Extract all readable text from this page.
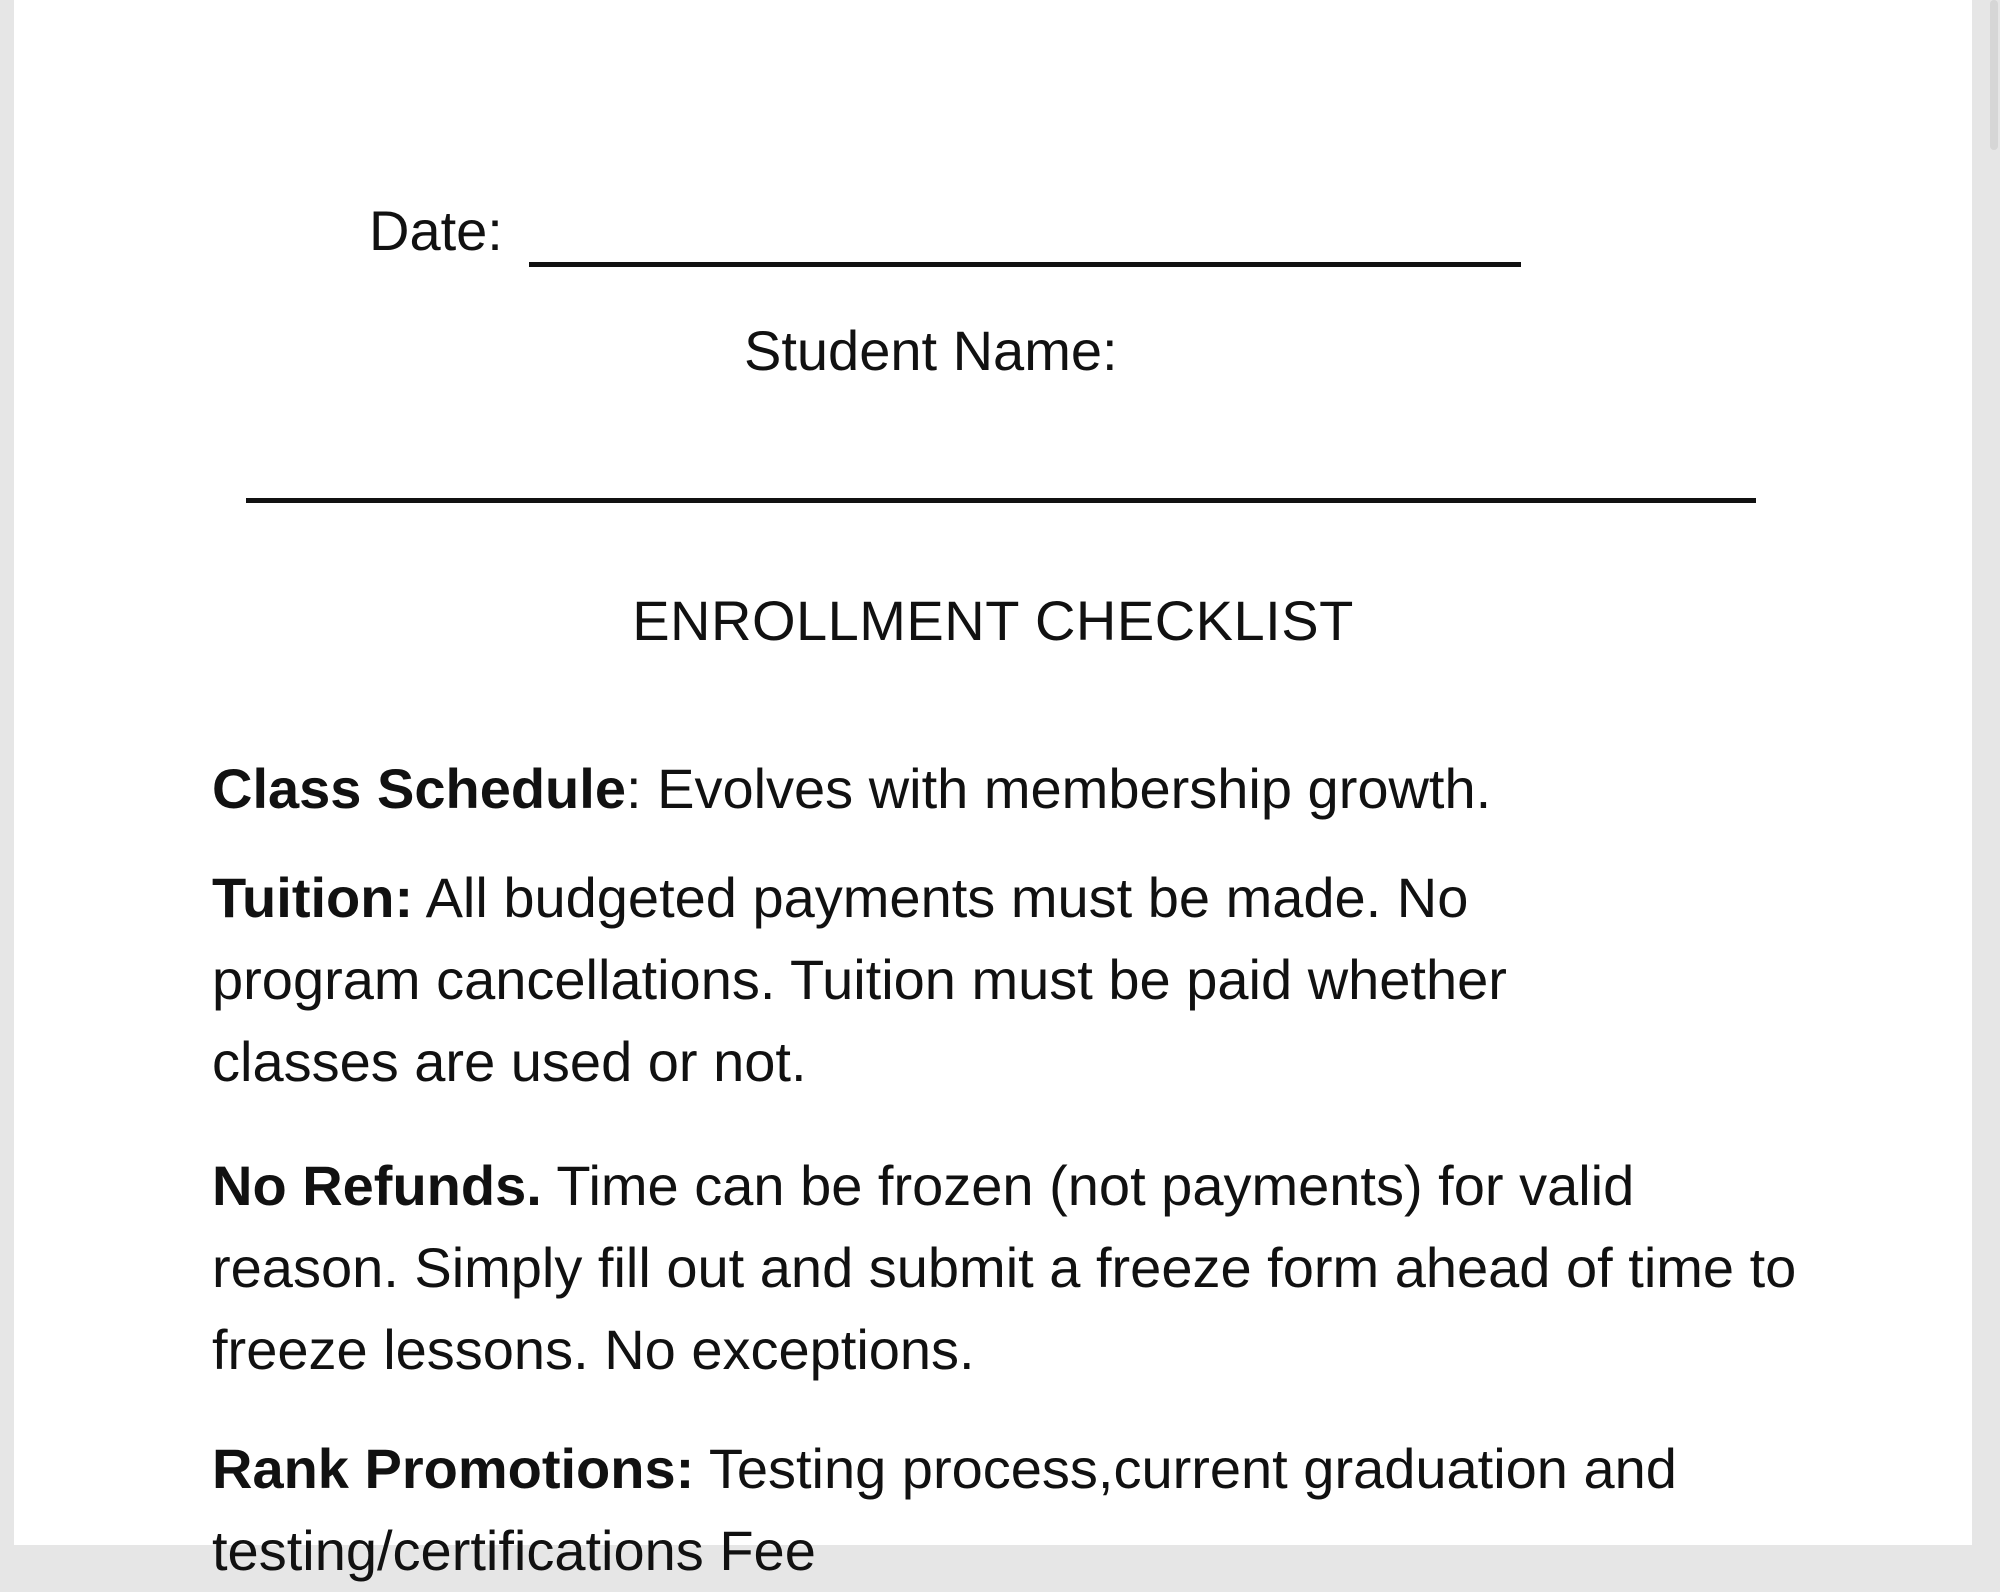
Date:
Student Name:
ENROLLMENT CHECKLIST
Class Schedule: Evolves with membership growth.
Tuition: All budgeted payments must be made. No program cancellations. Tuition must be paid whether classes are used or not.
No Refunds. Time can be frozen (not payments) for valid reason. Simply fill out and submit a freeze form ahead of time to freeze lessons. No exceptions.
Rank Promotions: Testing process,current graduation and testing/certifications Fee
